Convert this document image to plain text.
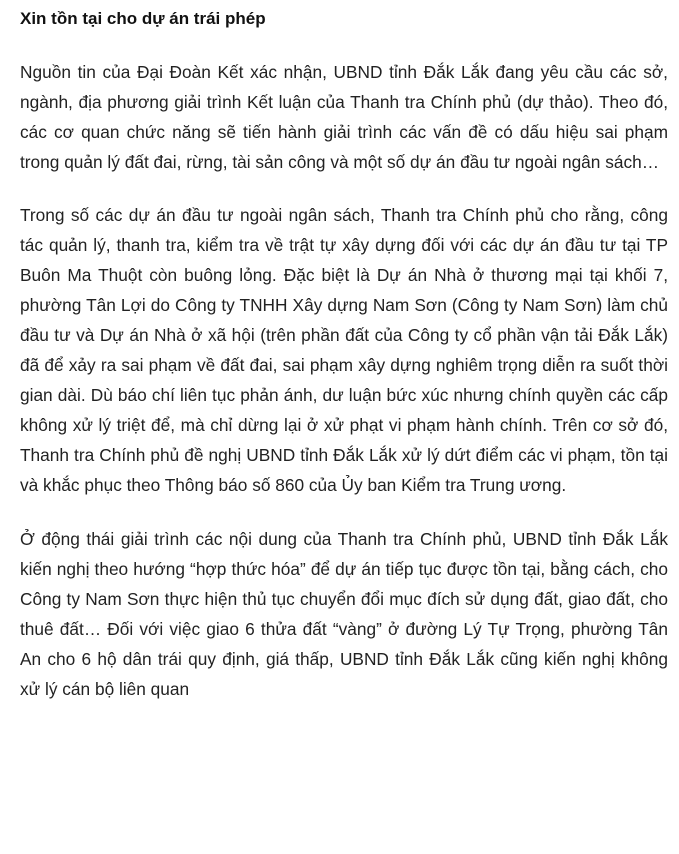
Xin tồn tại cho dự án trái phép

Nguồn tin của Đại Đoàn Kết xác nhận, UBND tỉnh Đắk Lắk đang yêu cầu các sở, ngành, địa phương giải trình Kết luận của Thanh tra Chính phủ (dự thảo). Theo đó, các cơ quan chức năng sẽ tiến hành giải trình các vấn đề có dấu hiệu sai phạm trong quản lý đất đai, rừng, tài sản công và một số dự án đầu tư ngoài ngân sách…

Trong số các dự án đầu tư ngoài ngân sách, Thanh tra Chính phủ cho rằng, công tác quản lý, thanh tra, kiểm tra về trật tự xây dựng đối với các dự án đầu tư tại TP Buôn Ma Thuột còn buông lỏng. Đặc biệt là Dự án Nhà ở thương mại tại khối 7, phường Tân Lợi do Công ty TNHH Xây dựng Nam Sơn (Công ty Nam Sơn) làm chủ đầu tư và Dự án Nhà ở xã hội (trên phần đất của Công ty cổ phần vận tải Đắk Lắk) đã để xảy ra sai phạm về đất đai, sai phạm xây dựng nghiêm trọng diễn ra suốt thời gian dài. Dù báo chí liên tục phản ánh, dư luận bức xúc nhưng chính quyền các cấp không xử lý triệt để, mà chỉ dừng lại ở xử phạt vi phạm hành chính. Trên cơ sở đó, Thanh tra Chính phủ đề nghị UBND tỉnh Đắk Lắk xử lý dứt điểm các vi phạm, tồn tại và khắc phục theo Thông báo số 860 của Ủy ban Kiểm tra Trung ương.

Ở động thái giải trình các nội dung của Thanh tra Chính phủ, UBND tỉnh Đắk Lắk kiến nghị theo hướng “hợp thức hóa” để dự án tiếp tục được tồn tại, bằng cách, cho Công ty Nam Sơn thực hiện thủ tục chuyển đổi mục đích sử dụng đất, giao đất, cho thuê đất… Đối với việc giao 6 thửa đất “vàng” ở đường Lý Tự Trọng, phường Tân An cho 6 hộ dân trái quy định, giá thấp, UBND tỉnh Đắk Lắk cũng kiến nghị không xử lý cán bộ liên quan
